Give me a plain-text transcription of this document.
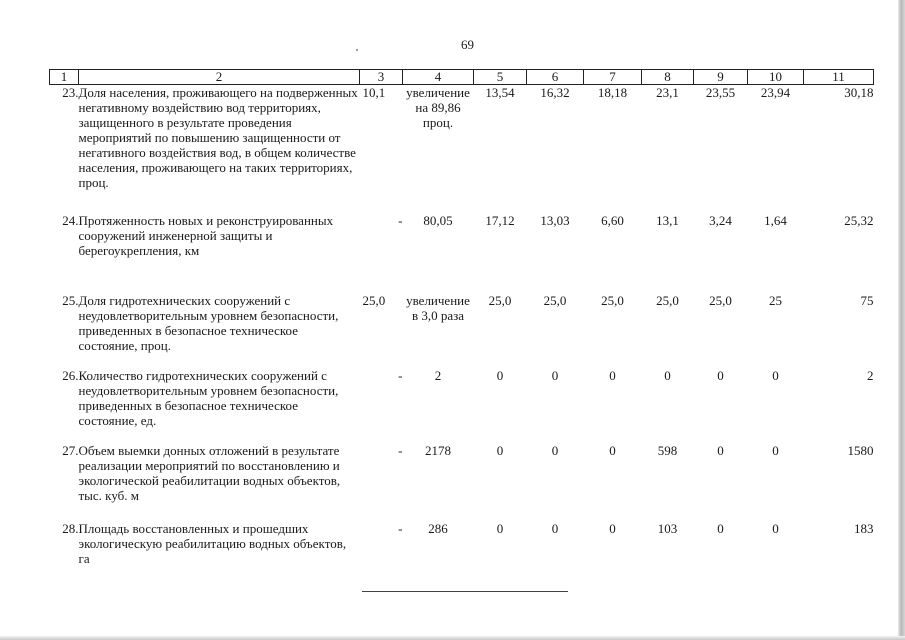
69
1	2	3	4	5	6	7	8	9	10	11
23.	Доля населения, проживающего на подверженных негативному воздействию вод территориях, защищенного в результате проведения мероприятий по повышению защищенности от негативного воздействия вод, в общем количестве населения, проживающего на таких территориях, проц.	10,1	увеличение на 89,86 проц.	13,54	16,32	18,18	23,1	23,55	23,94	30,18
24.	Протяженность новых и реконструированных сооружений инженерной защиты и берегоукрепления, км	-	80,05	17,12	13,03	6,60	13,1	3,24	1,64	25,32
25.	Доля гидротехнических сооружений с неудовлетворительным уровнем безопасности, приведенных в безопасное техническое состояние, проц.	25,0	увеличение в 3,0 раза	25,0	25,0	25,0	25,0	25,0	25	75
26.	Количество гидротехнических сооружений с неудовлетворительным уровнем безопасности, приведенных в безопасное техническое состояние, ед.	-	2	0	0	0	0	0	0	2
27.	Объем выемки донных отложений в результате реализации мероприятий по восстановлению и экологической реабилитации водных объектов, тыс. куб. м	-	2178	0	0	0	598	0	0	1580
28.	Площадь восстановленных и прошедших экологическую реабилитацию водных объектов, га	-	286	0	0	0	103	0	0	183
